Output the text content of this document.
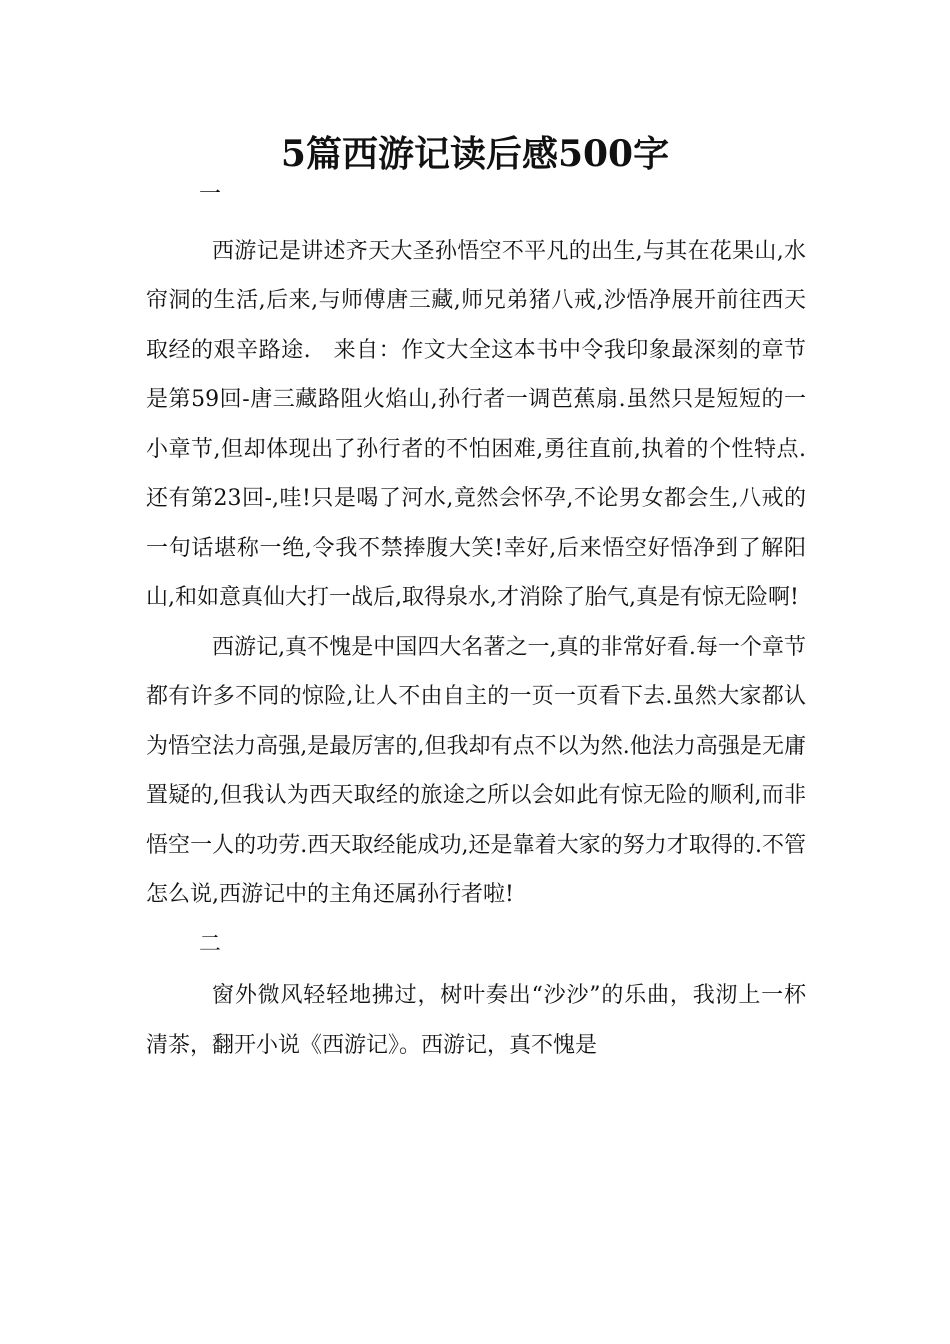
5篇西游记读后感500字
一

西游记是讲述齐天大圣孙悟空不平凡的出生,与其在花果山,水帘洞的生活,后来,与师傅唐三藏,师兄弟猪八戒,沙悟净展开前往西天取经的艰辛路途.　来自：作文大全这本书中令我印象最深刻的章节是第59回-唐三藏路阻火焰山,孙行者一调芭蕉扇.虽然只是短短的一小章节,但却体现出了孙行者的不怕困难,勇往直前,执着的个性特点.还有第23回-,哇!只是喝了河水,竟然会怀孕,不论男女都会生,八戒的一句话堪称一绝,令我不禁捧腹大笑!幸好,后来悟空好悟净到了解阳山,和如意真仙大打一战后,取得泉水,才消除了胎气,真是有惊无险啊!

西游记,真不愧是中国四大名著之一,真的非常好看.每一个章节都有许多不同的惊险,让人不由自主的一页一页看下去.虽然大家都认为悟空法力高强,是最厉害的,但我却有点不以为然.他法力高强是无庸置疑的,但我认为西天取经的旅途之所以会如此有惊无险的顺利,而非悟空一人的功劳.西天取经能成功,还是靠着大家的努力才取得的.不管怎么说,西游记中的主角还属孙行者啦!

二

窗外微风轻轻地拂过，树叶奏出“沙沙”的乐曲，我沏上一杯清茶，翻开小说《西游记》。西游记，真不愧是
